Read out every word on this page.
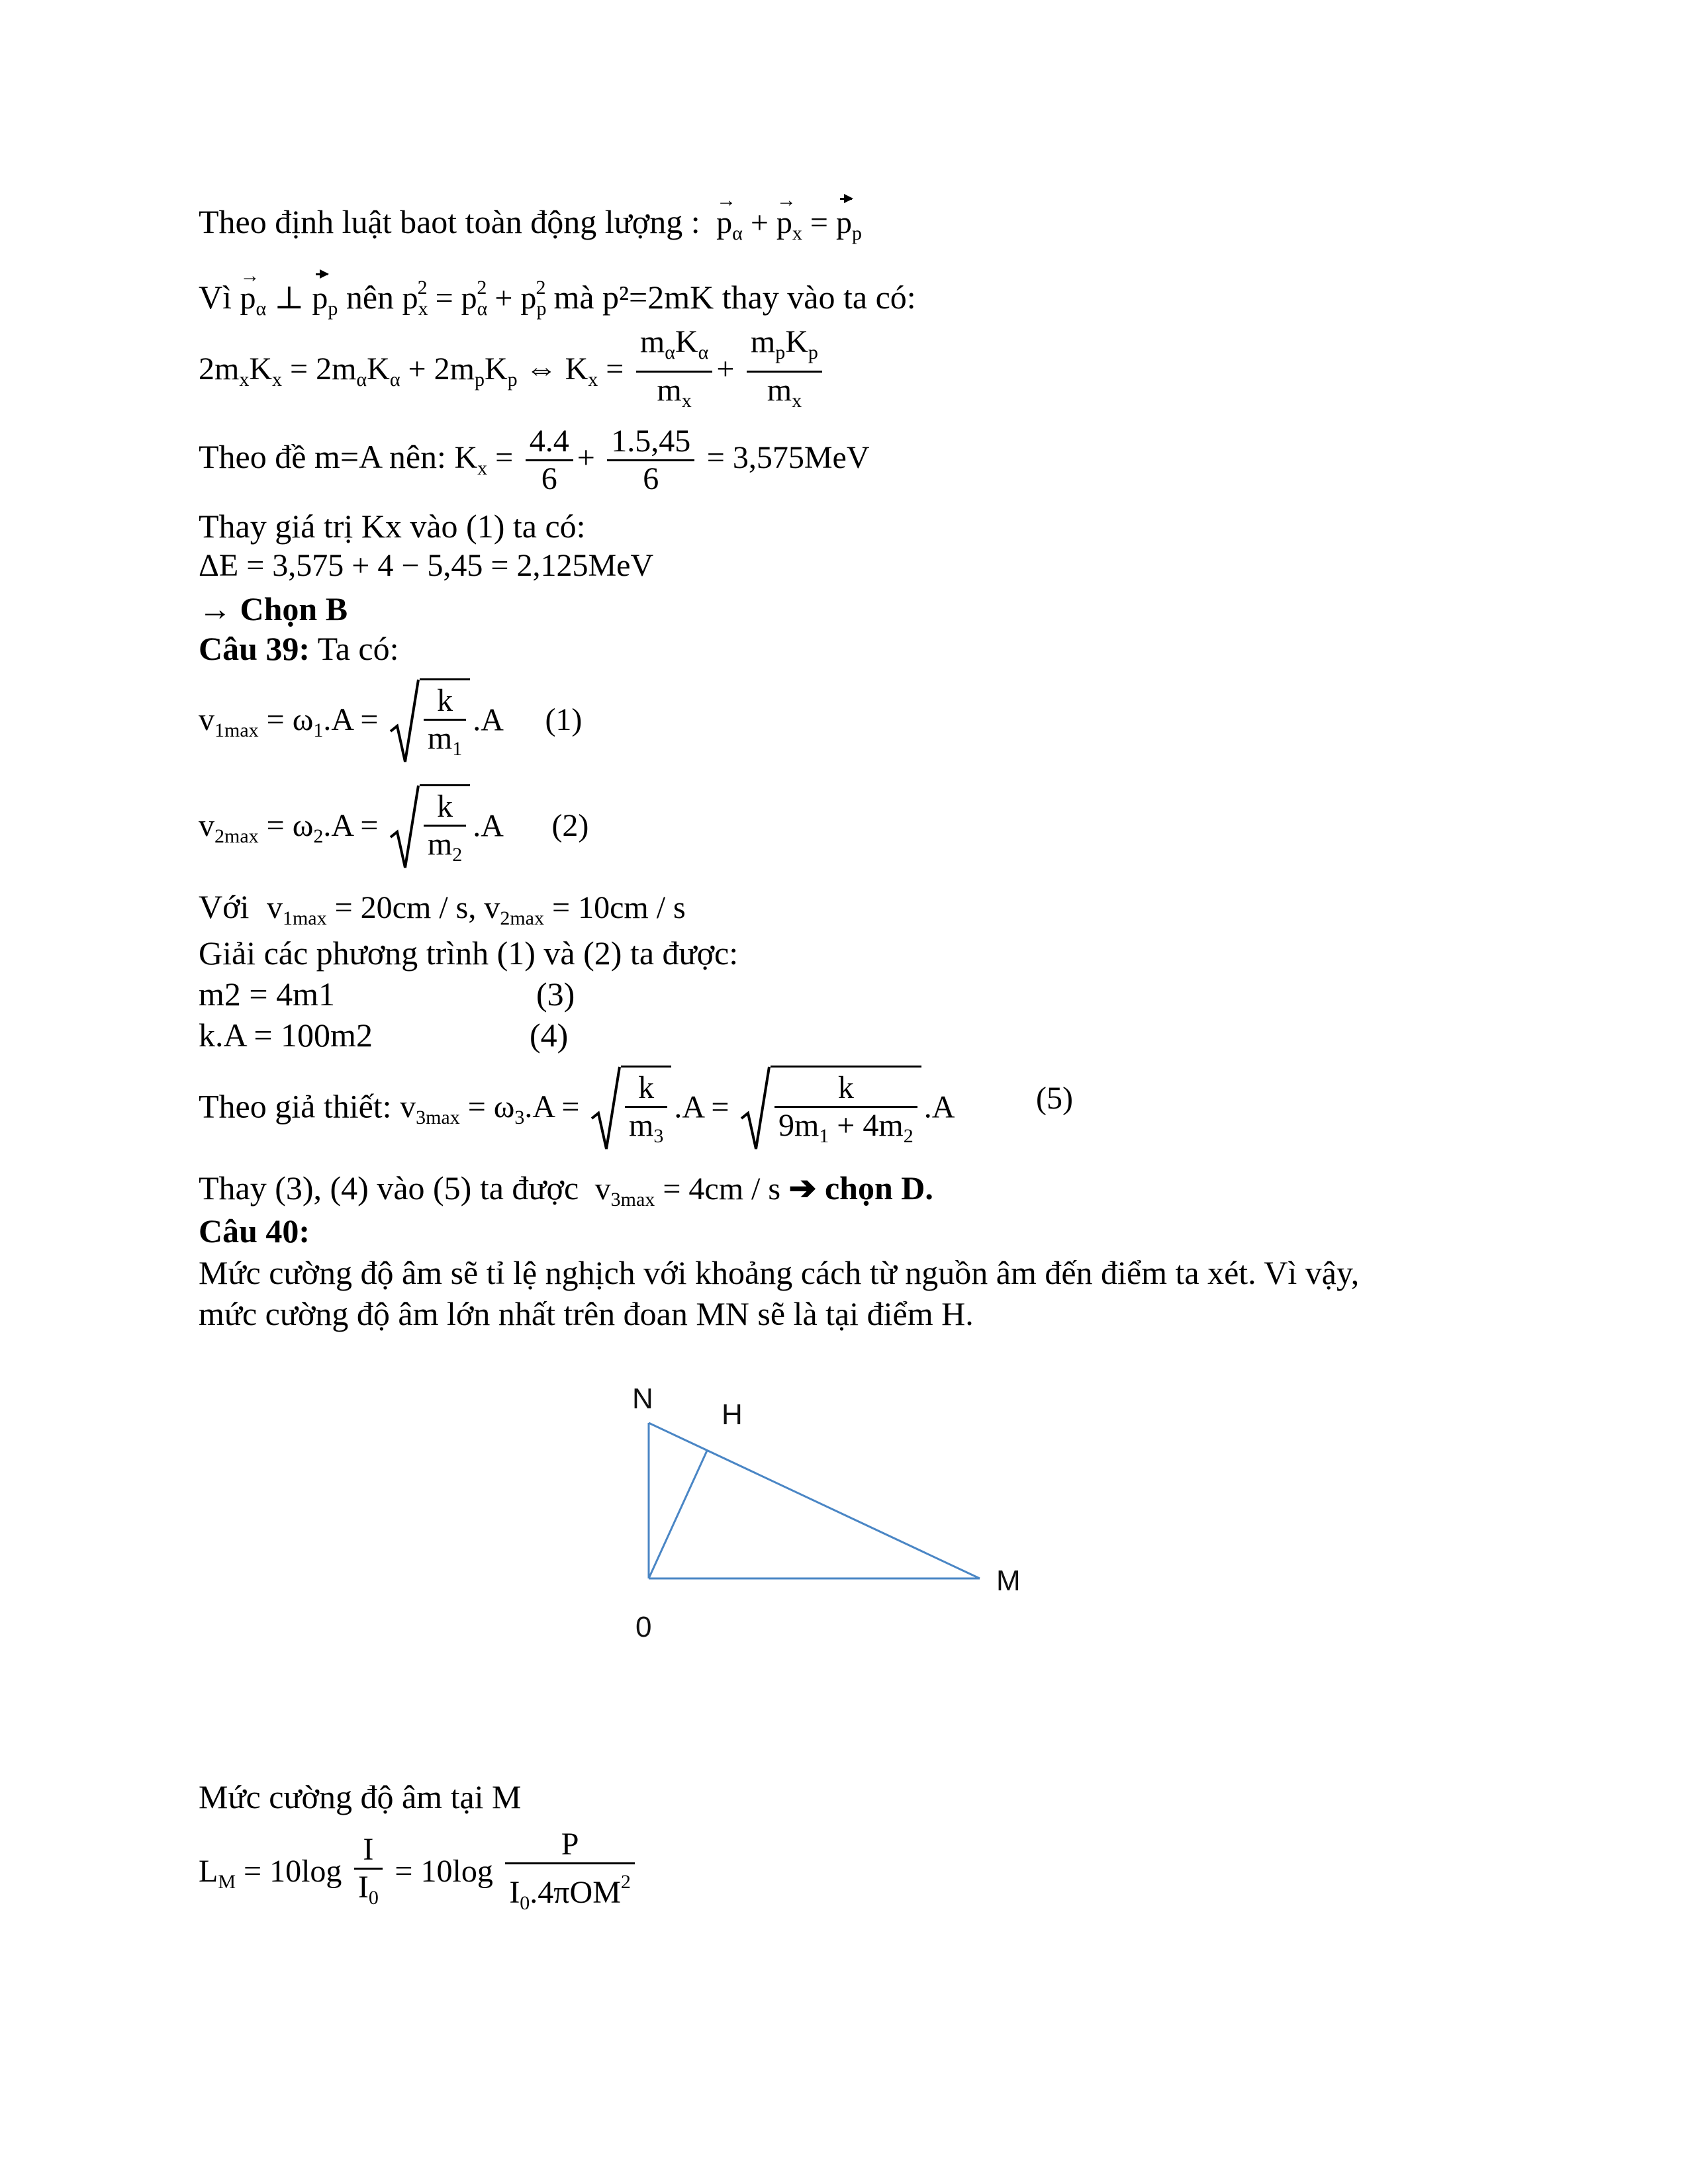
Theo định luật baot toàn động lượng : → $p_\alpha$ + → $p_x = p_p$
Vì → $p_\alpha$ ⊥ $p_p$ nên $p_x^2 = p_\alpha^2 + p_p^2$ mà p²=2mK thay vào ta có:
$2m_xK_x = 2m_\alpha K_\alpha + 2m_pK_p$ ⇔ $K_x$ =
$m_\alpha K_\alpha$
$m_x$
+
$m_pK_p$
$m_x$
Theo đề m=A nên: $K_x = \frac{4.4}{6} + \frac{1.5,45}{6} = 3,575MeV$
Thay giá trị Kx vào (1) ta có:
ΔE = 3,575 + 4 − 5,45 = 2,125MeV
→ Chọn B
Câu 39: Ta có:
$v_{1max} = \omega_1.A = \frac{k}{m_1} .A$ (1)
$v_{2max} = \omega_2.A = \frac{k}{m_2} .A$ (2)
Với $v_{1max} = 20cm / s$, $v_{2max} = 10cm / s$
Giải các phương trình (1) và (2) ta được:
m2 = 4m1	(3)
k.A = 100m2	(4)
Theo giả thiết: $v_{3max} = \omega_3.A = \frac{k}{m_3} .A = \frac{k}{9m_1 + 4m_2} .A$	(5)
Thay (3), (4) vào (5) ta được $v_{3max} = 4cm / s$ ➔ chọn D.
Câu 40:
Mức cường độ âm sẽ tỉ lệ nghịch với khoảng cách từ nguồn âm đến điểm ta xét. Vì vậy,
mức cường độ âm lớn nhất trên đoan MN sẽ là tại điểm H.
N H
M
0
Mức cường độ âm tại M
$L_M = 10\log \frac{I}{I_0} = 10\log$
P
$I_0.4\pi OM^2$
